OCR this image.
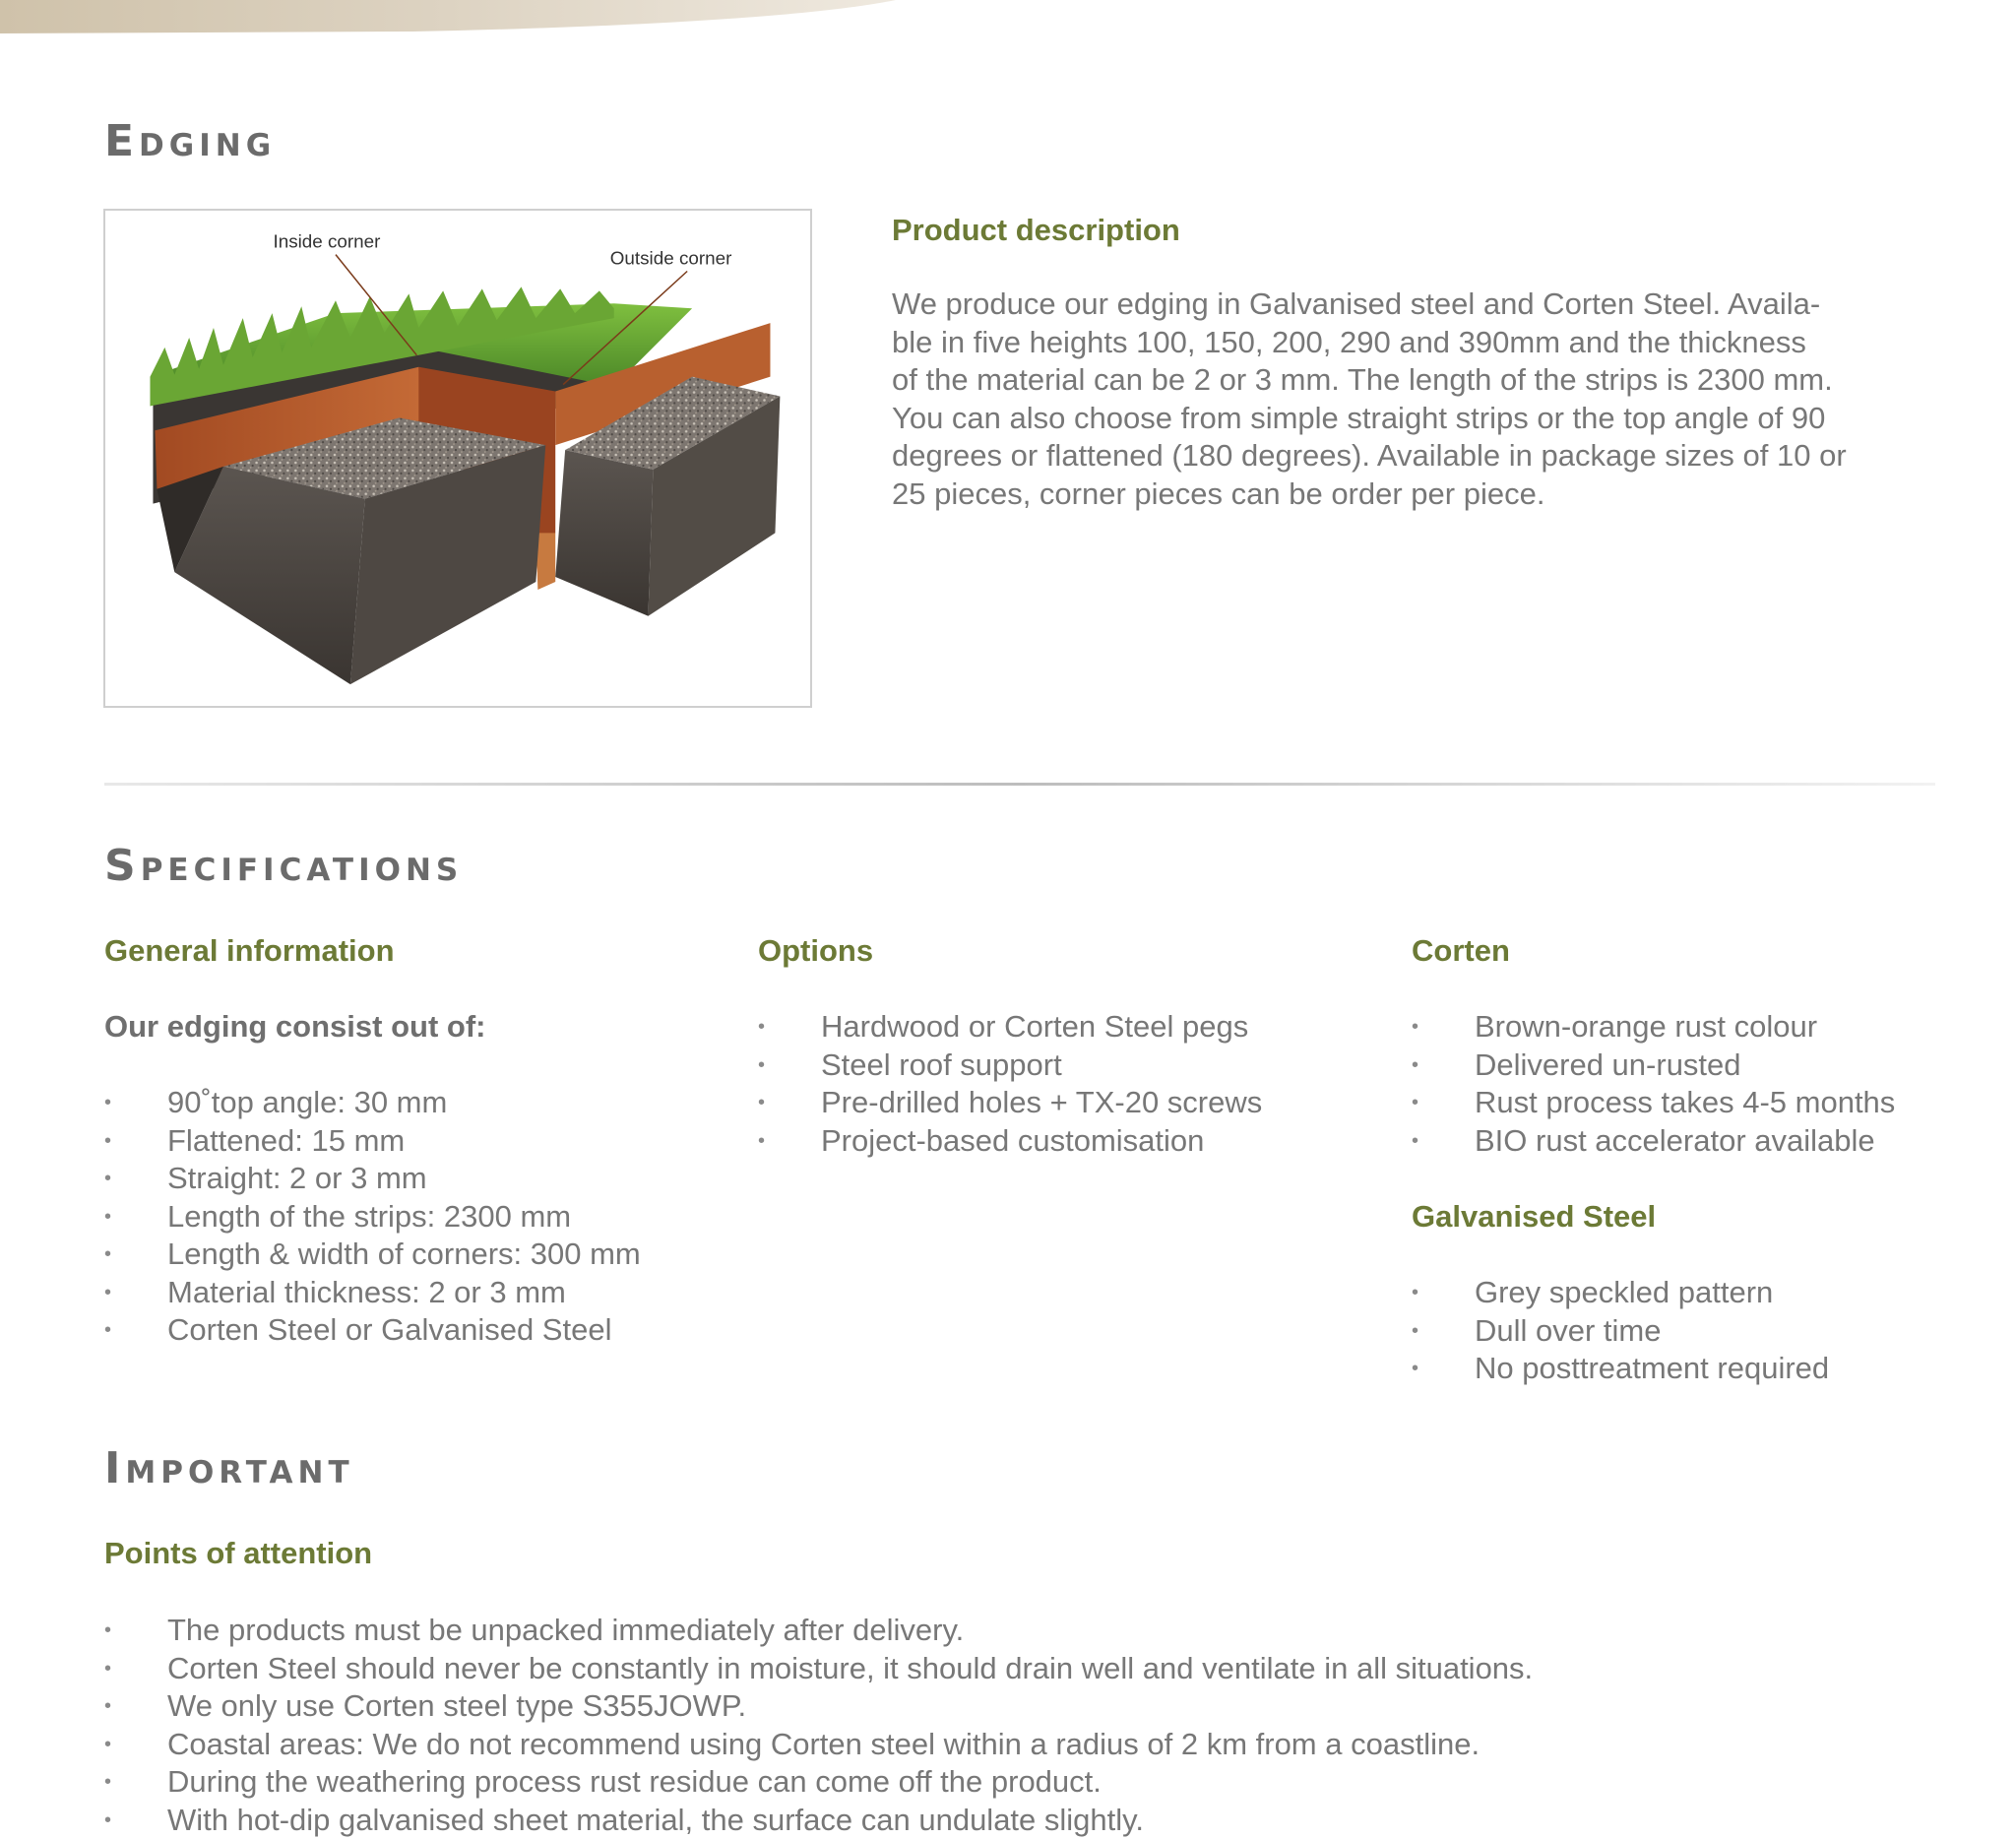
Edging
Inside corner
Outside corner
Product description
We produce our edging in Galvanised steel and Corten Steel. Availa-
ble in five heights 100, 150, 200, 290 and 390mm and the thickness
of the material can be 2 or 3 mm. The length of the strips is 2300 mm.
You can also choose from simple straight strips or the top angle of 90
degrees or flattened (180 degrees). Available in package sizes of 10 or
25 pieces, corner pieces can be order per piece.
Specifications
General information

Our edging consist out of:

• 90˚top angle: 30 mm
• Flattened: 15 mm
• Straight: 2 or 3 mm
• Length of the strips: 2300 mm
• Length & width of corners: 300 mm
• Material thickness: 2 or 3 mm
• Corten Steel or Galvanised Steel
Options
• Hardwood or Corten Steel pegs
• Steel roof support
• Pre-drilled holes + TX-20 screws
• Project-based customisation
Corten
• Brown-orange rust colour
• Delivered un-rusted
• Rust process takes 4-5 months
• BIO rust accelerator available
Galvanised Steel
• Grey speckled pattern
• Dull over time
• No posttreatment required
Important
Points of attention
• The products must be unpacked immediately after delivery.
• Corten Steel should never be constantly in moisture, it should drain well and ventilate in all situations.
• We only use Corten steel type S355JOWP.
• Coastal areas: We do not recommend using Corten steel within a radius of 2 km from a coastline.
• During the weathering process rust residue can come off the product.
• With hot-dip galvanised sheet material, the surface can undulate slightly.
